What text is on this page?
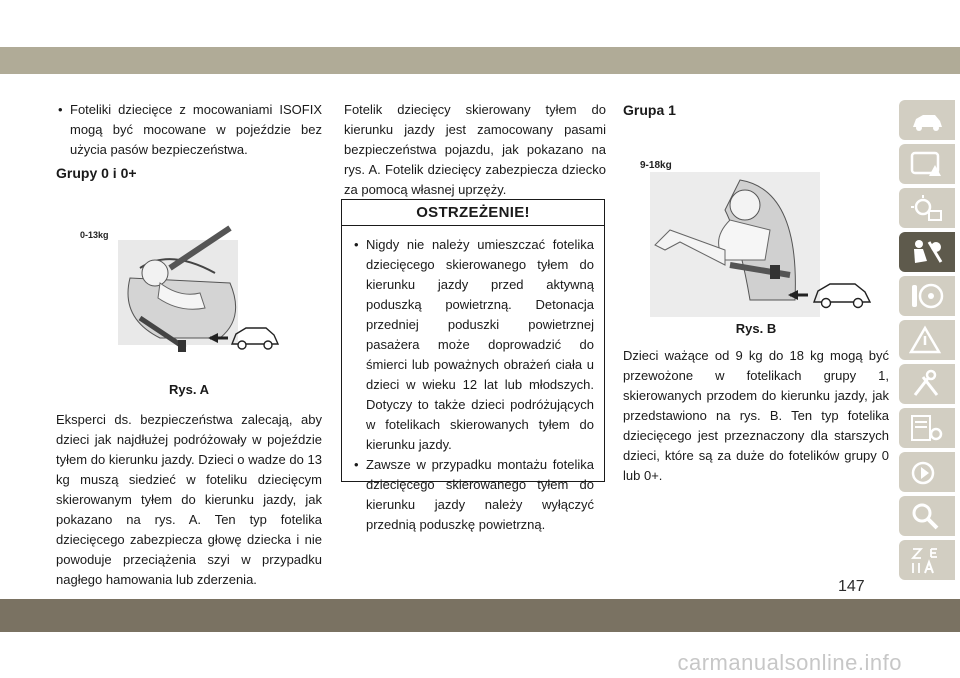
• Foteliki dziecięce z mocowaniami ISOFIX mogą być mocowane w pojeździe bez użycia pasów bezpieczeństwa.

Grupy 0 i 0+
0-13kg
Rys. A

Eksperci ds. bezpieczeństwa zalecają, aby dzieci jak najdłużej podróżowały w pojeździe tyłem do kierunku jazdy. Dzieci o wadze do 13 kg muszą siedzieć w foteliku dziecięcym skierowanym tyłem do kierunku jazdy, jak pokazano na rys. A. Ten typ fotelika dziecięcego zabezpiecza głowę dziecka i nie powoduje przeciążenia szyi w przypadku nagłego hamowania lub zderzenia.

Fotelik dziecięcy skierowany tyłem do kierunku jazdy jest zamocowany pasami bezpieczeństwa pojazdu, jak pokazano na rys. A. Fotelik dziecięcy zabezpiecza dziecko za pomocą własnej uprzęży.

OSTRZEŻENIE!

• Nigdy nie należy umieszczać fotelika dziecięcego skierowanego tyłem do kierunku jazdy przed aktywną poduszką powietrzną. Detonacja przedniej poduszki powietrznej pasażera może doprowadzić do śmierci lub poważnych obrażeń ciała u dzieci w wieku 12 lat lub młodszych. Dotyczy to także dzieci podróżujących w fotelikach skierowanych tyłem do kierunku jazdy.

• Zawsze w przypadku montażu fotelika dziecięcego skierowanego tyłem do kierunku jazdy należy wyłączyć przednią poduszkę powietrzną.

Grupa 1
9-18kg
Rys. B

Dzieci ważące od 9 kg do 18 kg mogą być przewożone w fotelikach grupy 1, skierowanych przodem do kierunku jazdy, jak przedstawiono na rys. B. Ten typ fotelika dziecięcego jest przeznaczony dla starszych dzieci, które są za duże do fotelików grupy 0 lub 0+.

147
carmanualsonline.info
